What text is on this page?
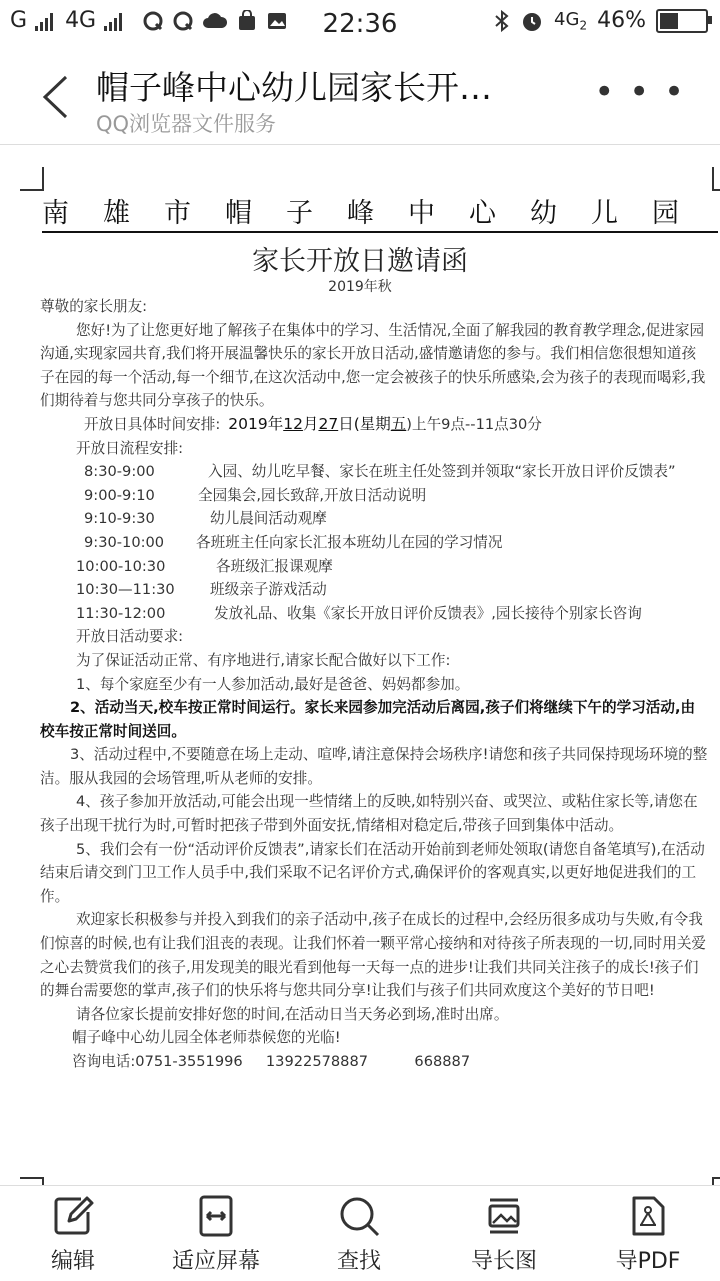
G 4G	22:36	$4G_2$ 46%
帽子峰中心幼儿园家长开…
QQ浏览器文件服务
• • •
南雄市帽子峰中心幼儿园
家长开放日邀请函
2019年秋

尊敬的家长朋友:

您好!为了让您更好地了解孩子在集体中的学习、生活情况,全面了解我园的教育教学理念,促进家园沟通,实现家园共育,我们将开展温馨快乐的家长开放日活动,盛情邀请您的参与。我们相信您很想知道孩子在园的每一个活动,每一个细节,在这次活动中,您一定会被孩子的快乐所感染,会为孩子的表现而喝彩,我们期待着与您共同分享孩子的快乐。

开放日具体时间安排: 2019年12月27日(星期五)上午9点--11点30分

开放日流程安排:

8:30-9:00	入园、幼儿吃早餐、家长在班主任处签到并领取“家长开放日评价反馈表”
9:00-9:10	全园集会,园长致辞,开放日活动说明
9:10-9:30	幼儿晨间活动观摩
9:30-10:00	各班班主任向家长汇报本班幼儿在园的学习情况
10:00-10:30	各班级汇报课观摩
10:30—11:30	班级亲子游戏活动
11:30-12:00	发放礼品、收集《家长开放日评价反馈表》,园长接待个别家长咨询

开放日活动要求:

为了保证活动正常、有序地进行,请家长配合做好以下工作:

1、每个家庭至少有一人参加活动,最好是爸爸、妈妈都参加。

2、活动当天,校车按正常时间运行。家长来园参加完活动后离园,孩子们将继续下午的学习活动,由校车按正常时间送回。

3、活动过程中,不要随意在场上走动、喧哗,请注意保持会场秩序!请您和孩子共同保持现场环境的整洁。服从我园的会场管理,听从老师的安排。

4、孩子参加开放活动,可能会出现一些情绪上的反映,如特别兴奋、或哭泣、或粘住家长等,请您在孩子出现干扰行为时,可暂时把孩子带到外面安抚,情绪相对稳定后,带孩子回到集体中活动。

5、我们会有一份“活动评价反馈表”,请家长们在活动开始前到老师处领取(请您自备笔填写),在活动结束后请交到门卫工作人员手中,我们采取不记名评价方式,确保评价的客观真实,以更好地促进我们的工作。

欢迎家长积极参与并投入到我们的亲子活动中,孩子在成长的过程中,会经历很多成功与失败,有令我们惊喜的时候,也有让我们沮丧的表现。让我们怀着一颗平常心接纳和对待孩子所表现的一切,同时用关爱之心去赞赏我们的孩子,用发现美的眼光看到他每一天每一点的进步!让我们共同关注孩子的成长!孩子们的舞台需要您的掌声,孩子们的快乐将与您共同分享!让我们与孩子们共同欢度这个美好的节日吧!

请各位家长提前安排好您的时间,在活动日当天务必到场,准时出席。

帽子峰中心幼儿园全体老师恭候您的光临!

咨询电话:0751-3551996     13922578887          668887

编辑	适应屏幕	查找	导长图	导PDF
